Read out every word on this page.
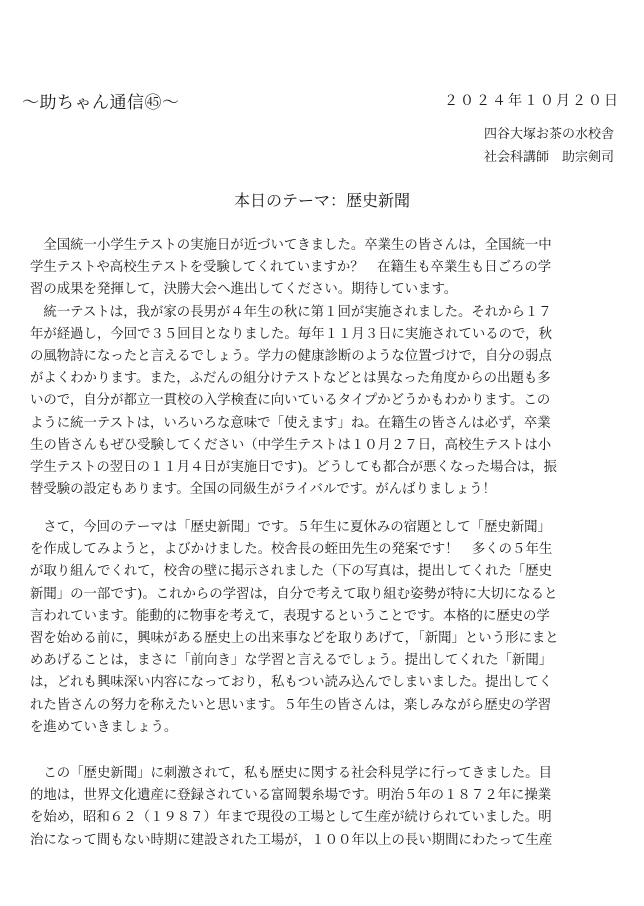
〜助ちゃん通信㊺〜	２０２４年１０月２０日
四谷大塚お茶の水校舎
社会科講師　助宗剣司
本日のテーマ：歴史新聞
　全国統一小学生テストの実施日が近づいてきました。卒業生の皆さんは，全国統一中
学生テストや高校生テストを受験してくれていますか？　在籍生も卒業生も日ごろの学
習の成果を発揮して，決勝大会へ進出してください。期待しています。
　統一テストは，我が家の長男が４年生の秋に第１回が実施されました。それから１７
年が経過し，今回で３５回目となりました。毎年１１月３日に実施されているので，秋
の風物詩になったと言えるでしょう。学力の健康診断のような位置づけで，自分の弱点
がよくわかります。また，ふだんの組分けテストなどとは異なった角度からの出題も多
いので，自分が都立一貫校の入学検査に向いているタイプかどうかもわかります。この
ように統一テストは，いろいろな意味で「使えます」ね。在籍生の皆さんは必ず，卒業
生の皆さんもぜひ受験してください（中学生テストは１０月２７日，高校生テストは小
学生テストの翌日の１１月４日が実施日です)。どうしても都合が悪くなった場合は，振
替受験の設定もあります。全国の同級生がライバルです。がんばりましょう！
　さて，今回のテーマは「歴史新聞」です。５年生に夏休みの宿題として「歴史新聞」
を作成してみようと，よびかけました。校舎長の蛭田先生の発案です！　多くの５年生
が取り組んでくれて，校舎の壁に掲示されました（下の写真は，提出してくれた「歴史
新聞」の一部です)。これからの学習は，自分で考えて取り組む姿勢が特に大切になると
言われています。能動的に物事を考えて，表現するということです。本格的に歴史の学
習を始める前に，興味がある歴史上の出来事などを取りあげて，「新聞」という形にまと
めあげることは，まさに「前向き」な学習と言えるでしょう。提出してくれた「新聞」
は，どれも興味深い内容になっており，私もつい読み込んでしまいました。提出してく
れた皆さんの努力を称えたいと思います。５年生の皆さんは，楽しみながら歴史の学習
を進めていきましょう。
　この「歴史新聞」に刺激されて，私も歴史に関する社会科見学に行ってきました。目
的地は，世界文化遺産に登録されている富岡製糸場です。明治５年の１８７２年に操業
を始め，昭和６２（１９８７）年まで現役の工場として生産が続けられていました。明
治になって間もない時期に建設された工場が，１００年以上の長い期間にわたって生産
